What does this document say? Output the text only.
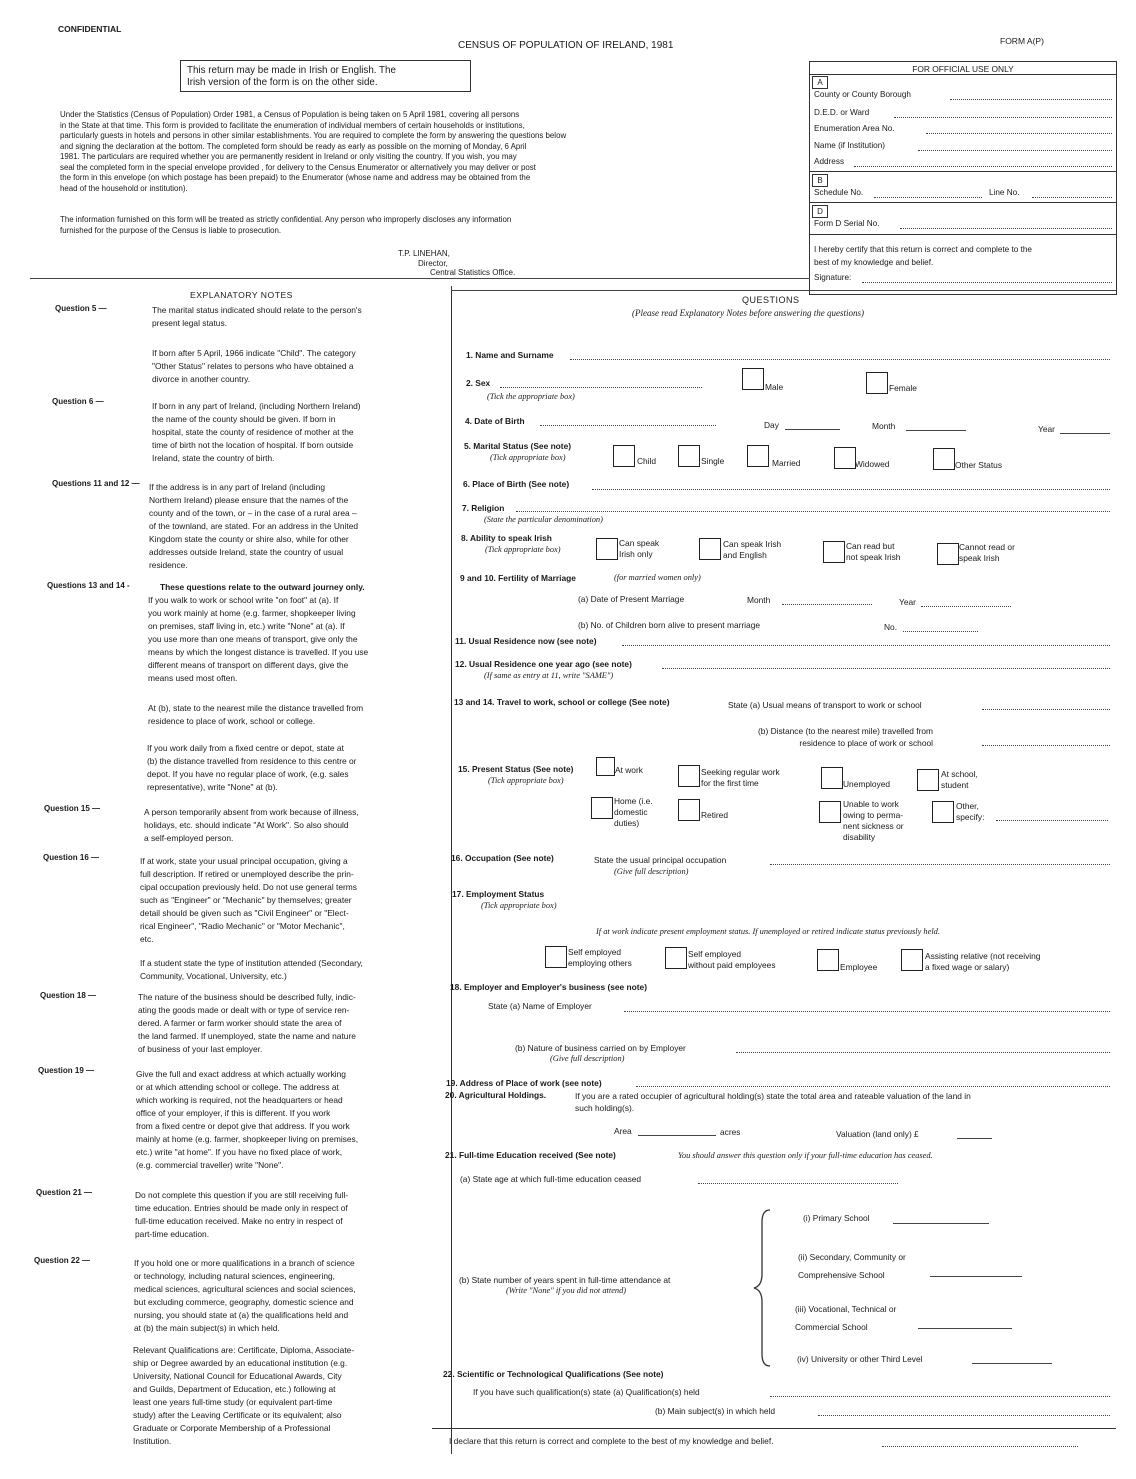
CONFIDENTIAL
CENSUS OF POPULATION OF IRELAND, 1981	FORM A(P)
This return may be made in Irish or English. The
Irish version of the form is on the other side.
Under the Statistics (Census of Population) Order 1981, a Census of Population is being taken on 5 April 1981, covering all persons
in the State at that time. This form is provided to facilitate the enumeration of individual members of certain households or institutions,
particularly guests in hotels and persons in other similar establishments. You are required to complete the form by answering the questions below
and signing the declaration at the bottom. The completed form should be ready as early as possible on the morning of Monday, 6 April
1981. The particulars are required whether you are permanently resident in Ireland or only visiting the country. If you wish, you may
seal the completed form in the special envelope provided , for delivery to the Census Enumerator or alternatively you may deliver or post
the form in this envelope (on which postage has been prepaid) to the Enumerator (whose name and address may be obtained from the
head of the household or institution).
The information furnished on this form will be treated as strictly confidential. Any person who improperly discloses any information
furnished for the purpose of the Census is liable to prosecution.
T.P. LINEHAN,
Director,
Central Statistics Office.
FOR OFFICIAL USE ONLY
A
County or County Borough
D.E.D. or Ward
Enumeration Area No.
Name (if Institution)
Address
B
Schedule No.	Line No.
D
Form D Serial No.
I hereby certify that this return is correct and complete to the
best of my knowledge and belief.
Signature:
EXPLANATORY NOTES
Question 5 —	The marital status indicated should relate to the person's
present legal status.
If born after 5 April, 1966 indicate "Child". The category
"Other Status" relates to persons who have obtained a
divorce in another country.
Question 6 —	If born in any part of Ireland, (including Northern Ireland)
the name of the county should be given. If born in
hospital, state the county of residence of mother at the
time of birth not the location of hospital. If born outside
Ireland, state the country of birth.
Questions 11 and 12 — If the address is in any part of Ireland (including
Northern Ireland) please ensure that the names of the
county and of the town, or – in the case of a rural area –
of the townland, are stated. For an address in the United
Kingdom state the county or shire also, while for other
addresses outside Ireland, state the country of usual
residence.
Questions 13 and 14 -	These questions relate to the outward journey only.
If you walk to work or school write "on foot" at (a). If
you work mainly at home (e.g. farmer, shopkeeper living
on premises, staff living in, etc.) write "None" at (a). If
you use more than one means of transport, give only the
means by which the longest distance is travelled. If you use
different means of transport on different days, give the
means used most often.
At (b), state to the nearest mile the distance travelled from
residence to place of work, school or college.
If you work daily from a fixed centre or depot, state at
(b) the distance travelled from residence to this centre or
depot. If you have no regular place of work, (e.g. sales
representative), write "None" at (b).
Question 15 —	A person temporarily absent from work because of illness,
holidays, etc. should indicate "At Work". So also should
a self-employed person.
Question 16 —	If at work, state your usual principal occupation, giving a
full description. If retired or unemployed describe the prin-
cipal occupation previously held. Do not use general terms
such as "Engineer" or "Mechanic" by themselves; greater
detail should be given such as "Civil Engineer" or "Elect-
rical Engineer", "Radio Mechanic" or "Motor Mechanic",
etc.
If a student state the type of institution attended (Secondary,
Community, Vocational, University, etc.)
Question 18 —	The nature of the business should be described fully, indic-
ating the goods made or dealt with or type of service ren-
dered. A farmer or farm worker should state the area of
the land farmed. If unemployed, state the name and nature
of business of your last employer.
Question 19 —	Give the full and exact address at which actually working
or at which attending school or college. The address at
which working is required, not the headquarters or head
office of your employer, if this is different. If you work
from a fixed centre or depot give that address. If you work
mainly at home (e.g. farmer, shopkeeper living on premises,
etc.) write "at home". If you have no fixed place of work,
(e.g. commercial traveller) write "None".
Question 21 —	Do not complete this question if you are still receiving full-
time education. Entries should be made only in respect of
full-time education received. Make no entry in respect of
part-time education.
Question 22 —	If you hold one or more qualifications in a branch of science
or technology, including natural sciences, engineering,
medical sciences, agricultural sciences and social sciences,
but excluding commerce, geography, domestic science and
nursing, you should state at (a) the qualifications held and
at (b) the main subject(s) in which held.
Relevant Qualifications are: Certificate, Diploma, Associate-
ship or Degree awarded by an educational institution (e.g.
University, National Council for Educational Awards, City
and Guilds, Department of Education, etc.) following at
least one years full-time study (or equivalent part-time
study) after the Leaving Certificate or its equivalent; also
Graduate or Corporate Membership of a Professional
Institution.
QUESTIONS
(Please read Explanatory Notes before answering the questions)
1. Name and Surname
2. Sex
(Tick the appropriate box)
Male	Female
4. Date of Birth	Day	Month	Year
5. Marital Status (See note)
(Tick appropriate box)	Child	Single	Married	Widowed	Other Status
6. Place of Birth (See note)
7. Religion
(State the particular denomination)
8. Ability to speak Irish
(Tick appropriate box)
Can speak
Irish only
Can speak Irish
and English
Can read but
not speak Irish
Cannot read or
speak Irish
9 and 10. Fertility of Marriage	(for married women only)
(a) Date of Present Marriage	Month	Year
(b) No. of Children born alive to present marriage	No.
11. Usual Residence now (see note)
12. Usual Residence one year ago (see note)
(If same as entry at 11, write "SAME")
13 and 14. Travel to work, school or college (See note)	State (a) Usual means of transport to work or school
(b) Distance (to the nearest mile) travelled from
residence to place of work or school
15. Present Status (See note)
(Tick appropriate box)
At work	Seeking regular work
for the first time	Unemployed
At school,
student
Home (i.e.
domestic
duties)
Retired
Unable to work
owing to perma-
nent sickness or
disability
Other,
specify:
16. Occupation (See note)	State the usual principal occupation
(Give full description)
17. Employment Status
(Tick appropriate box)
If at work indicate present employment status. If unemployed or retired indicate status previously held.
Self employed
employing others
Self employed
without paid employees	Employee
Assisting relative (not receiving
a fixed wage or salary)
18. Employer and Employer's business (see note)
State (a) Name of Employer
(b) Nature of business carried on by Employer
(Give full description)
19. Address of Place of work (see note)
20. Agricultural Holdings.	If you are a rated occupier of agricultural holding(s) state the total area and rateable valuation of the land in
such holding(s).
Area	acres	Valuation (land only) £
21. Full-time Education received (See note)	You should answer this question only if your full-time education has ceased.
(a) State age at which full-time education ceased
(b) State number of years spent in full-time attendance at
(Write "None" if you did not attend)
(i) Primary School
(ii) Secondary, Community or
Comprehensive School
(iii) Vocational, Technical or
Commercial School
(iv) University or other Third Level
22. Scientific or Technological Qualifications (See note)
If you have such qualification(s) state (a) Qualification(s) held
(b) Main subject(s) in which held
I declare that this return is correct and complete to the best of my knowledge and belief.
